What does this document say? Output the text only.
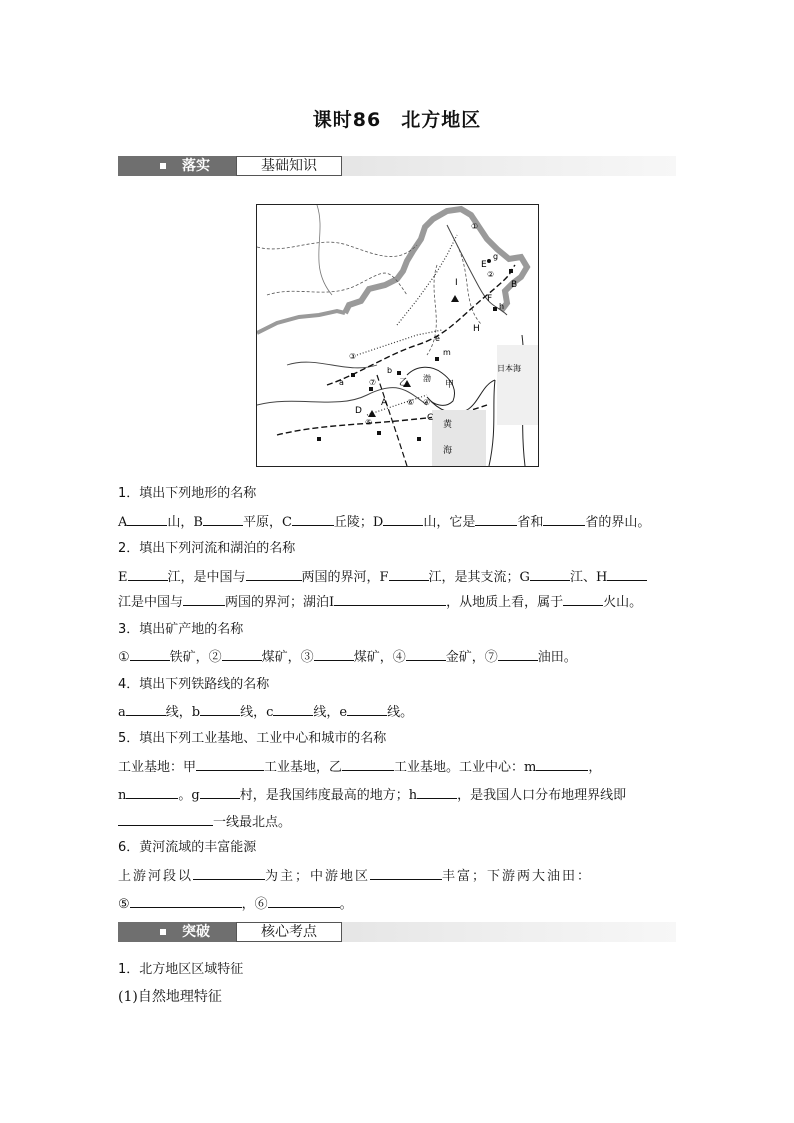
课时86　北方地区
落实	基础知识
E
B
F
I
H
A
D
C
g
m
h
a
b
e
甲
乙 渤
黄
海
日本海
①
②
③
④
⑤
⑥
⑦
1．填出下列地形的名称
A	山，B	平原，C	丘陵；D	山，它是	省和	省的界山。
2．填出下列河流和湖泊的名称
E	江，是中国与	两国的界河，F	江，是其支流；G	江、H
江是中国与	两国的界河；湖泊I	，从地质上看，属于	火山。
3．填出矿产地的名称
①	铁矿，②	煤矿，③	煤矿，④	金矿，⑦	油田。
4．填出下列铁路线的名称
a	线，b	线，c	线，e	线。
5．填出下列工业基地、工业中心和城市的名称
工业基地：甲	工业基地，乙	工业基地。工业中心：m	，
n	。g	村，是我国纬度最高的地方；h	，是我国人口分布地理界线即
一线最北点。
6．黄河流域的丰富能源
上游河段以	为主；中游地区	丰富；下游两大油田：
⑤	，⑥	。
突破	核心考点
1．北方地区区域特征
(1)自然地理特征
